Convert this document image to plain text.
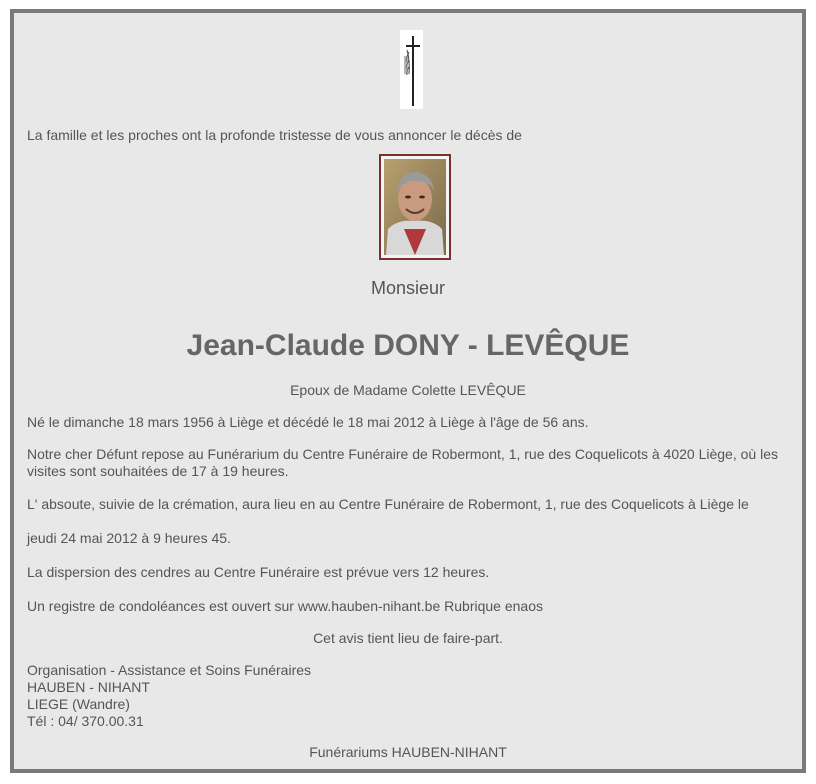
La famille et les proches ont la profonde tristesse de vous annoncer le décès de

Monsieur

Jean-Claude DONY - LEVÊQUE

Epoux de Madame Colette LEVÊQUE

Né le dimanche 18 mars 1956 à Liège et décédé le 18 mai 2012 à Liège à l'âge de 56 ans.

Notre cher Défunt repose au Funérarium du Centre Funéraire de Robermont, 1, rue des Coquelicots à 4020 Liège, où les visites sont souhaitées de 17 à 19 heures.

L' absoute, suivie de la crémation, aura lieu en au Centre Funéraire de Robermont, 1, rue des Coquelicots à Liège le

jeudi 24 mai 2012 à 9 heures 45.

La dispersion des cendres au Centre Funéraire est prévue vers 12 heures.

Un registre de condoléances est ouvert sur www.hauben-nihant.be Rubrique enaos

Cet avis tient lieu de faire-part.

Organisation - Assistance et Soins Funéraires

HAUBEN - NIHANT

LIEGE (Wandre)

Tél : 04/ 370.00.31

Funérariums HAUBEN-NIHANT
